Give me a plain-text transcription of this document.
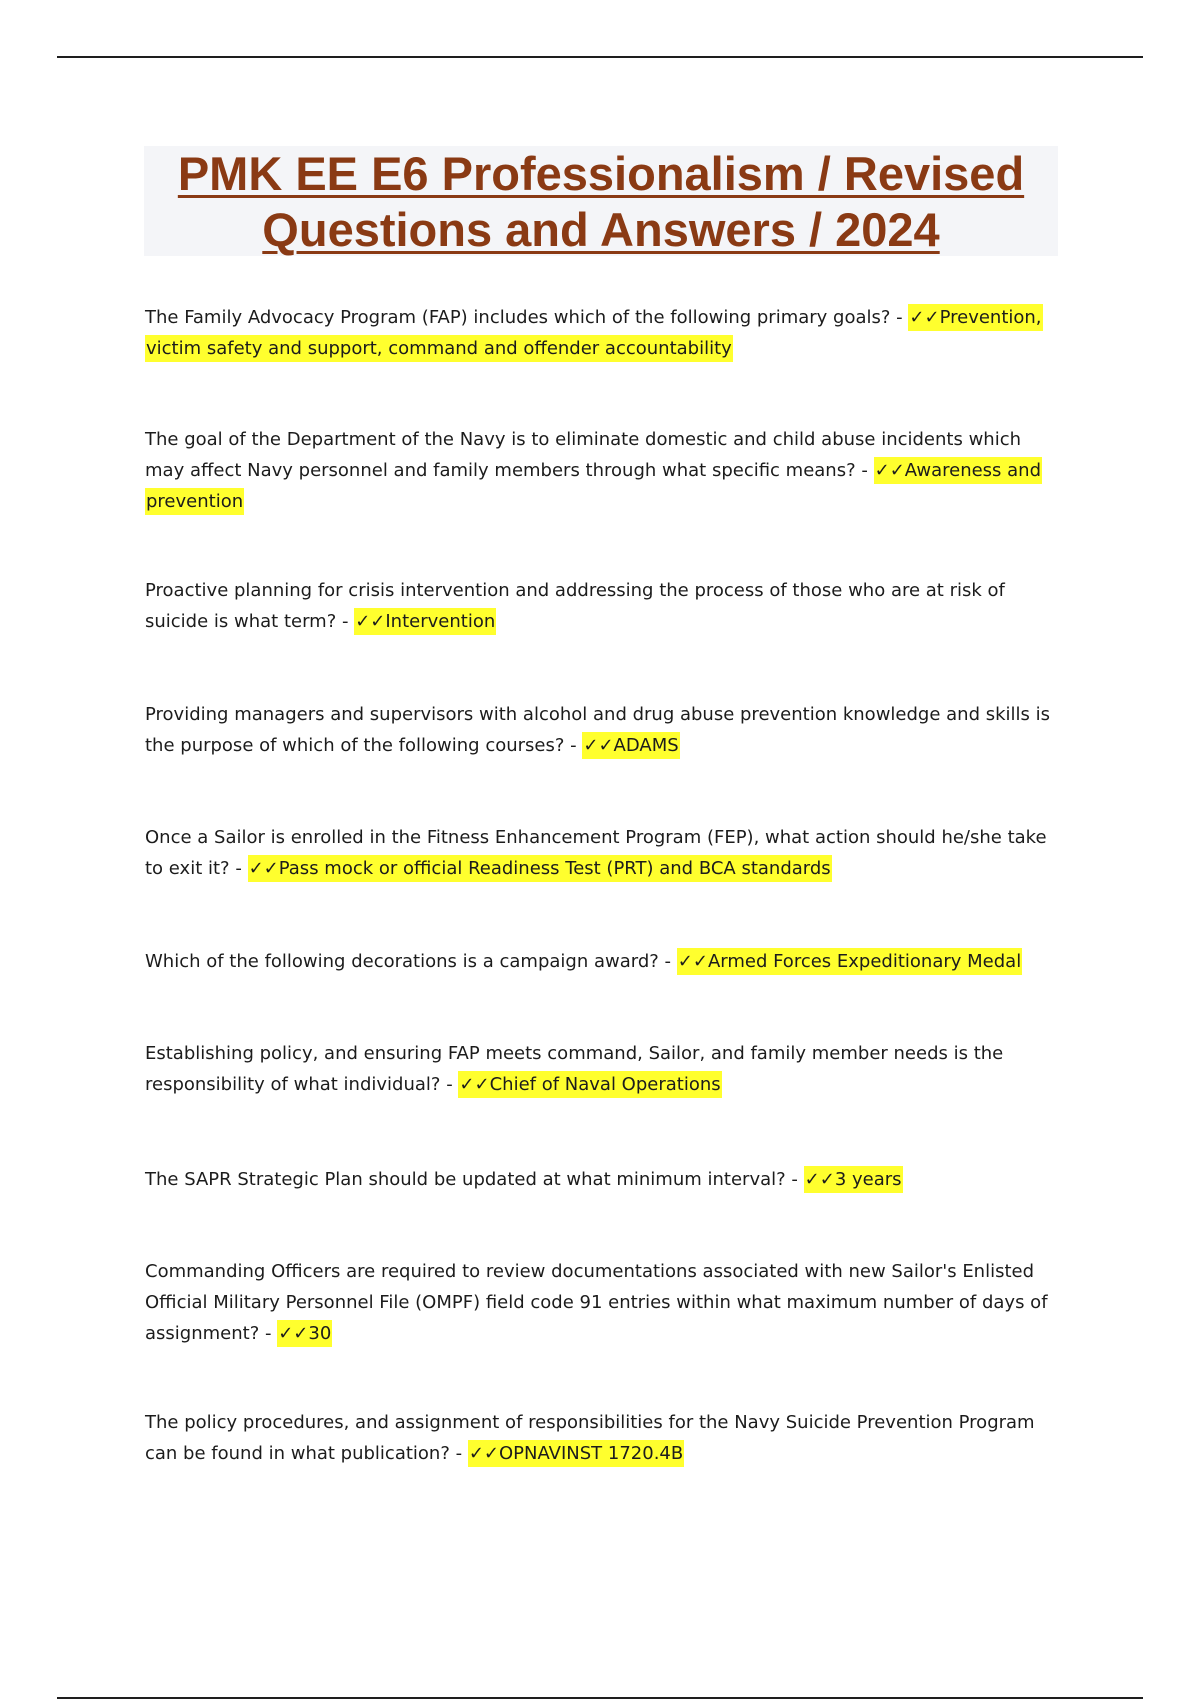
PMK EE E6 Professionalism / Revised
Questions and Answers / 2024
The Family Advocacy Program (FAP) includes which of the following primary goals? - ✓✓Prevention, victim safety and support, command and offender accountability
The goal of the Department of the Navy is to eliminate domestic and child abuse incidents which may affect Navy personnel and family members through what specific means? - ✓✓Awareness and prevention
Proactive planning for crisis intervention and addressing the process of those who are at risk of suicide is what term? - ✓✓Intervention
Providing managers and supervisors with alcohol and drug abuse prevention knowledge and skills is the purpose of which of the following courses? - ✓✓ADAMS
Once a Sailor is enrolled in the Fitness Enhancement Program (FEP), what action should he/she take to exit it? - ✓✓Pass mock or official Readiness Test (PRT) and BCA standards
Which of the following decorations is a campaign award? - ✓✓Armed Forces Expeditionary Medal
Establishing policy, and ensuring FAP meets command, Sailor, and family member needs is the responsibility of what individual? - ✓✓Chief of Naval Operations
The SAPR Strategic Plan should be updated at what minimum interval? - ✓✓3 years
Commanding Officers are required to review documentations associated with new Sailor's Enlisted Official Military Personnel File (OMPF) field code 91 entries within what maximum number of days of assignment? - ✓✓30
The policy procedures, and assignment of responsibilities for the Navy Suicide Prevention Program can be found in what publication? - ✓✓OPNAVINST 1720.4B
